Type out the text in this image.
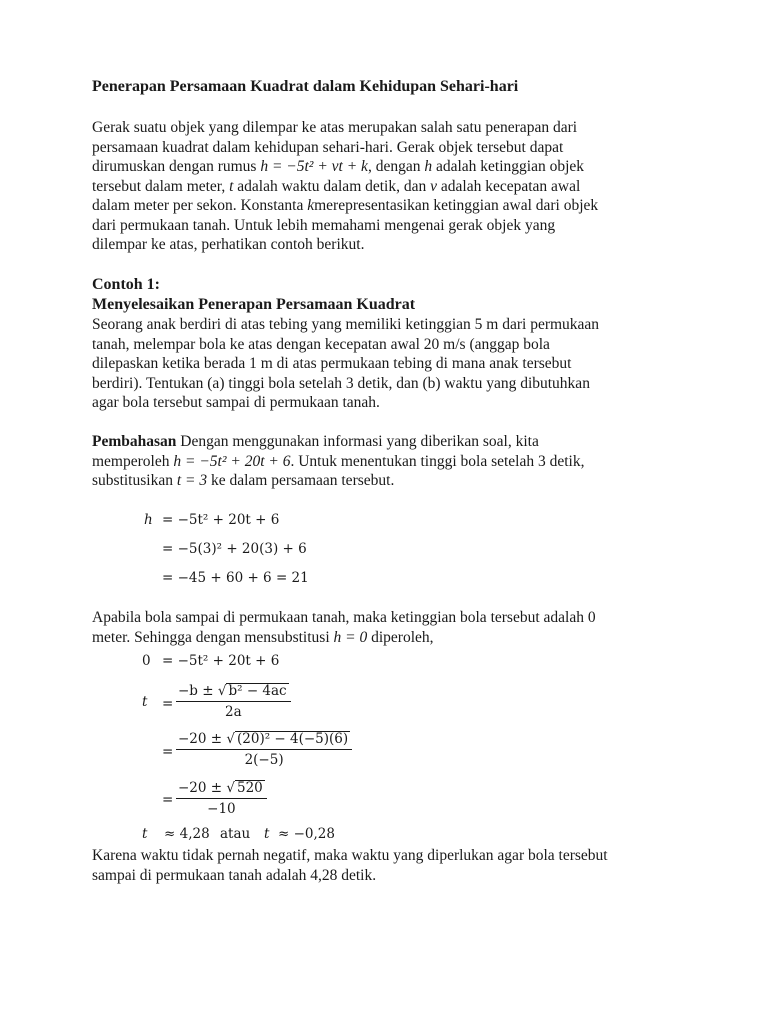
Penerapan Persamaan Kuadrat dalam Kehidupan Sehari-hari

Gerak suatu objek yang dilempar ke atas merupakan salah satu penerapan dari
persamaan kuadrat dalam kehidupan sehari-hari. Gerak objek tersebut dapat
dirumuskan dengan rumus h = −5t² + vt + k, dengan h adalah ketinggian objek
tersebut dalam meter, t adalah waktu dalam detik, dan v adalah kecepatan awal
dalam meter per sekon. Konstanta kmerepresentasikan ketinggian awal dari objek
dari permukaan tanah. Untuk lebih memahami mengenai gerak objek yang
dilempar ke atas, perhatikan contoh berikut.

Contoh 1:
Menyelesaikan Penerapan Persamaan Kuadrat

Seorang anak berdiri di atas tebing yang memiliki ketinggian 5 m dari permukaan
tanah, melempar bola ke atas dengan kecepatan awal 20 m/s (anggap bola
dilepaskan ketika berada 1 m di atas permukaan tebing di mana anak tersebut
berdiri). Tentukan (a) tinggi bola setelah 3 detik, dan (b) waktu yang dibutuhkan
agar bola tersebut sampai di permukaan tanah.

Pembahasan Dengan menggunakan informasi yang diberikan soal, kita
memperoleh h = −5t² + 20t + 6. Untuk menentukan tinggi bola setelah 3 detik,
substitusikan t = 3 ke dalam persamaan tersebut.

h = −5t² + 20t + 6
= −5(3)² + 20(3) + 6
= −45 + 60 + 6 = 21

Apabila bola sampai di permukaan tanah, maka ketinggian bola tersebut adalah 0
meter. Sehingga dengan mensubstitusi h = 0 diperoleh,

0 = −5t² + 20t + 6
t =
−b ± √ b² − 4ac
2a
=
−20 ± √ (20)² − 4(−5)(6)
2(−5)
=
−20 ± √ 520
−10
t ≈ 4,28 atau t ≈ −0,28

Karena waktu tidak pernah negatif, maka waktu yang diperlukan agar bola tersebut
sampai di permukaan tanah adalah 4,28 detik.
